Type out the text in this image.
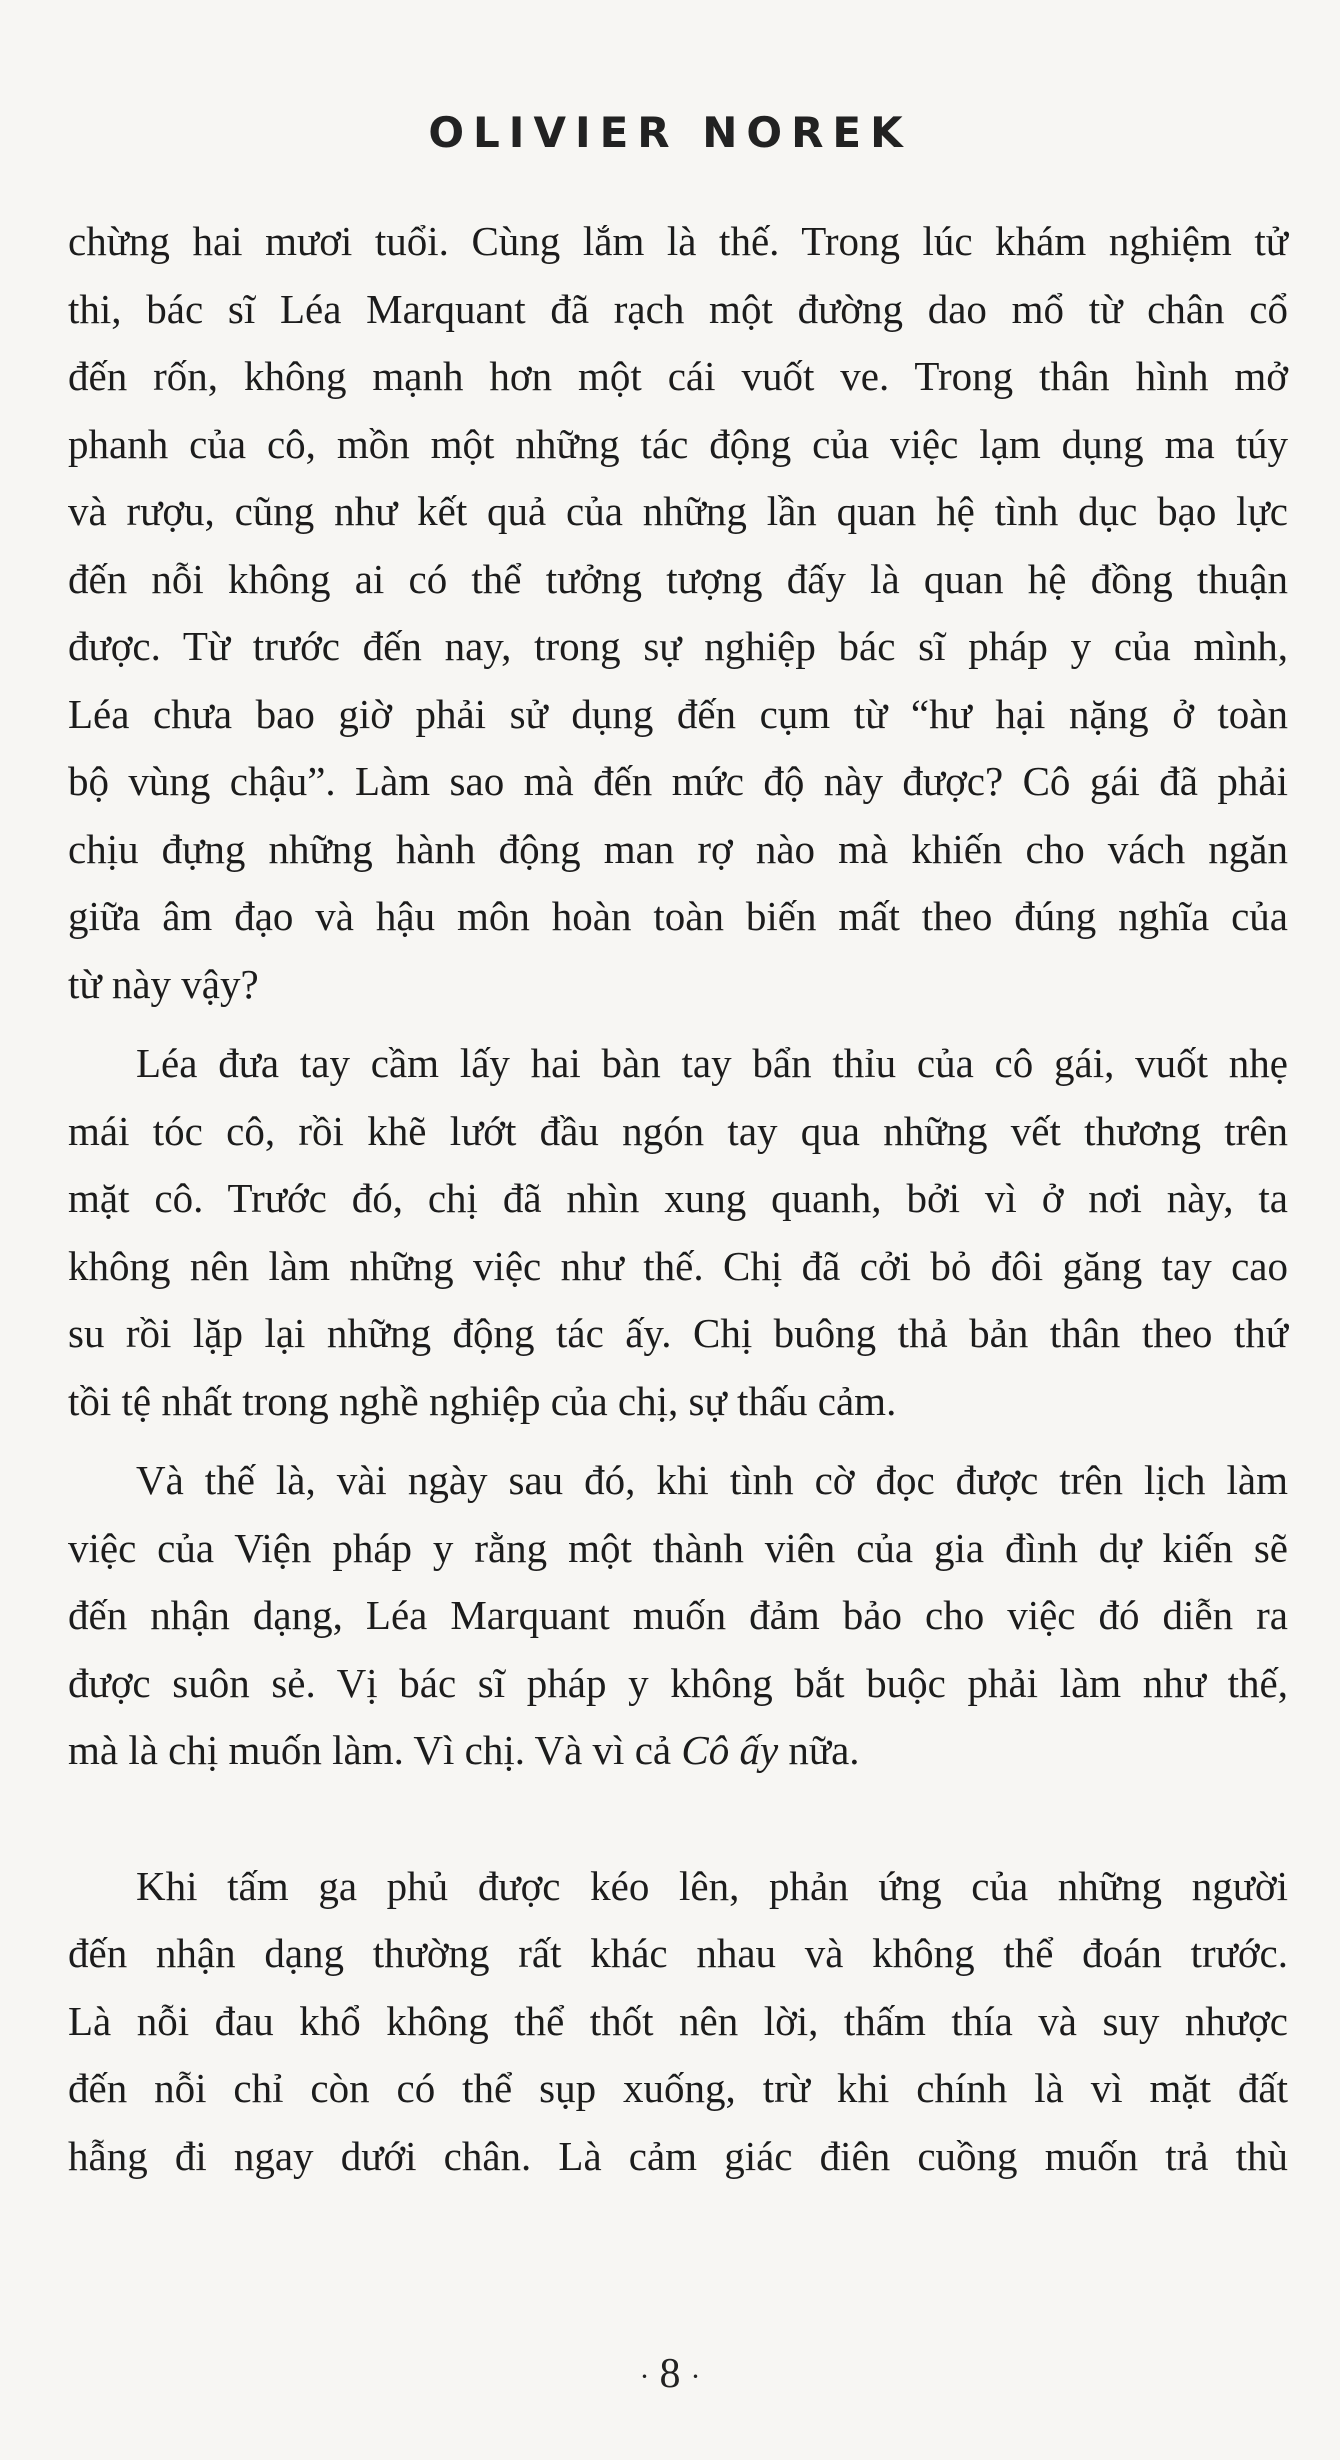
OLIVIER NOREK
chừng hai mươi tuổi. Cùng lắm là thế. Trong lúc khám nghiệm tử
thi, bác sĩ Léa Marquant đã rạch một đường dao mổ từ chân cổ
đến rốn, không mạnh hơn một cái vuốt ve. Trong thân hình mở
phanh của cô, mồn một những tác động của việc lạm dụng ma túy
và rượu, cũng như kết quả của những lần quan hệ tình dục bạo lực
đến nỗi không ai có thể tưởng tượng đấy là quan hệ đồng thuận
được. Từ trước đến nay, trong sự nghiệp bác sĩ pháp y của mình,
Léa chưa bao giờ phải sử dụng đến cụm từ “hư hại nặng ở toàn
bộ vùng chậu”. Làm sao mà đến mức độ này được? Cô gái đã phải
chịu đựng những hành động man rợ nào mà khiến cho vách ngăn
giữa âm đạo và hậu môn hoàn toàn biến mất theo đúng nghĩa của
từ này vậy?
Léa đưa tay cầm lấy hai bàn tay bẩn thỉu của cô gái, vuốt nhẹ
mái tóc cô, rồi khẽ lướt đầu ngón tay qua những vết thương trên
mặt cô. Trước đó, chị đã nhìn xung quanh, bởi vì ở nơi này, ta
không nên làm những việc như thế. Chị đã cởi bỏ đôi găng tay cao
su rồi lặp lại những động tác ấy. Chị buông thả bản thân theo thứ
tồi tệ nhất trong nghề nghiệp của chị, sự thấu cảm.
Và thế là, vài ngày sau đó, khi tình cờ đọc được trên lịch làm
việc của Viện pháp y rằng một thành viên của gia đình dự kiến sẽ
đến nhận dạng, Léa Marquant muốn đảm bảo cho việc đó diễn ra
được suôn sẻ. Vị bác sĩ pháp y không bắt buộc phải làm như thế,
mà là chị muốn làm. Vì chị. Và vì cả Cô ấy nữa.
Khi tấm ga phủ được kéo lên, phản ứng của những người
đến nhận dạng thường rất khác nhau và không thể đoán trước.
Là nỗi đau khổ không thể thốt nên lời, thấm thía và suy nhược
đến nỗi chỉ còn có thể sụp xuống, trừ khi chính là vì mặt đất
hẫng đi ngay dưới chân. Là cảm giác điên cuồng muốn trả thù
· 8 ·
